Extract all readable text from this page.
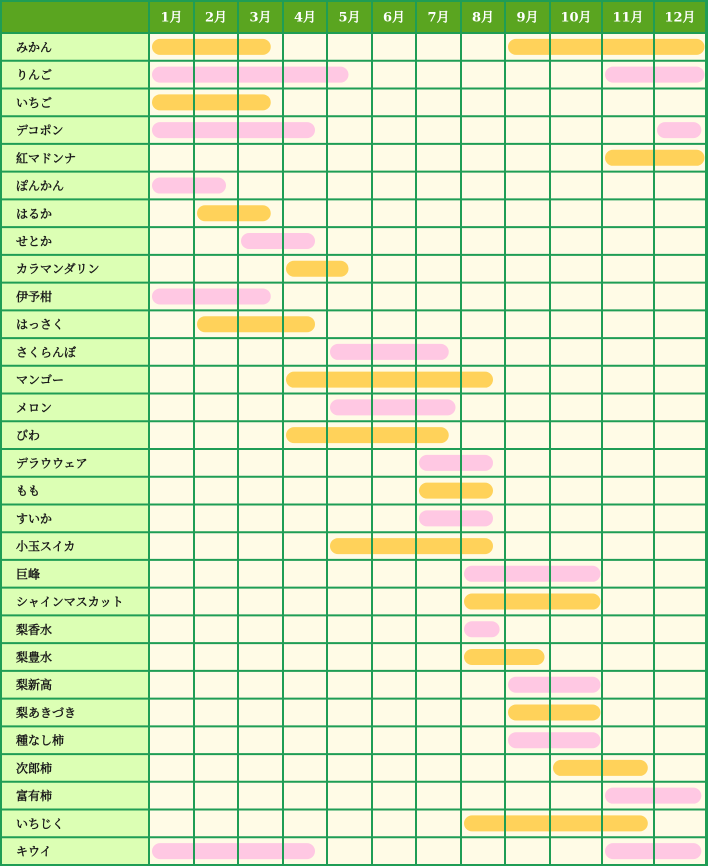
1月 2月 3月 4月 5月 6月 7月 8月 9月 10月 11月 12月
みかん
りんご
いちご
デコポン
紅マドンナ
ぽんかん
はるか
せとか
カラマンダリン
伊予柑
はっさく
さくらんぼ
マンゴー
メロン
びわ
デラウウェア
もも
すいか
小玉スイカ
巨峰
シャインマスカット
梨香水
梨豊水
梨新高
梨あきづき
種なし柿
次郎柿
富有柿
いちじく
キウイ
